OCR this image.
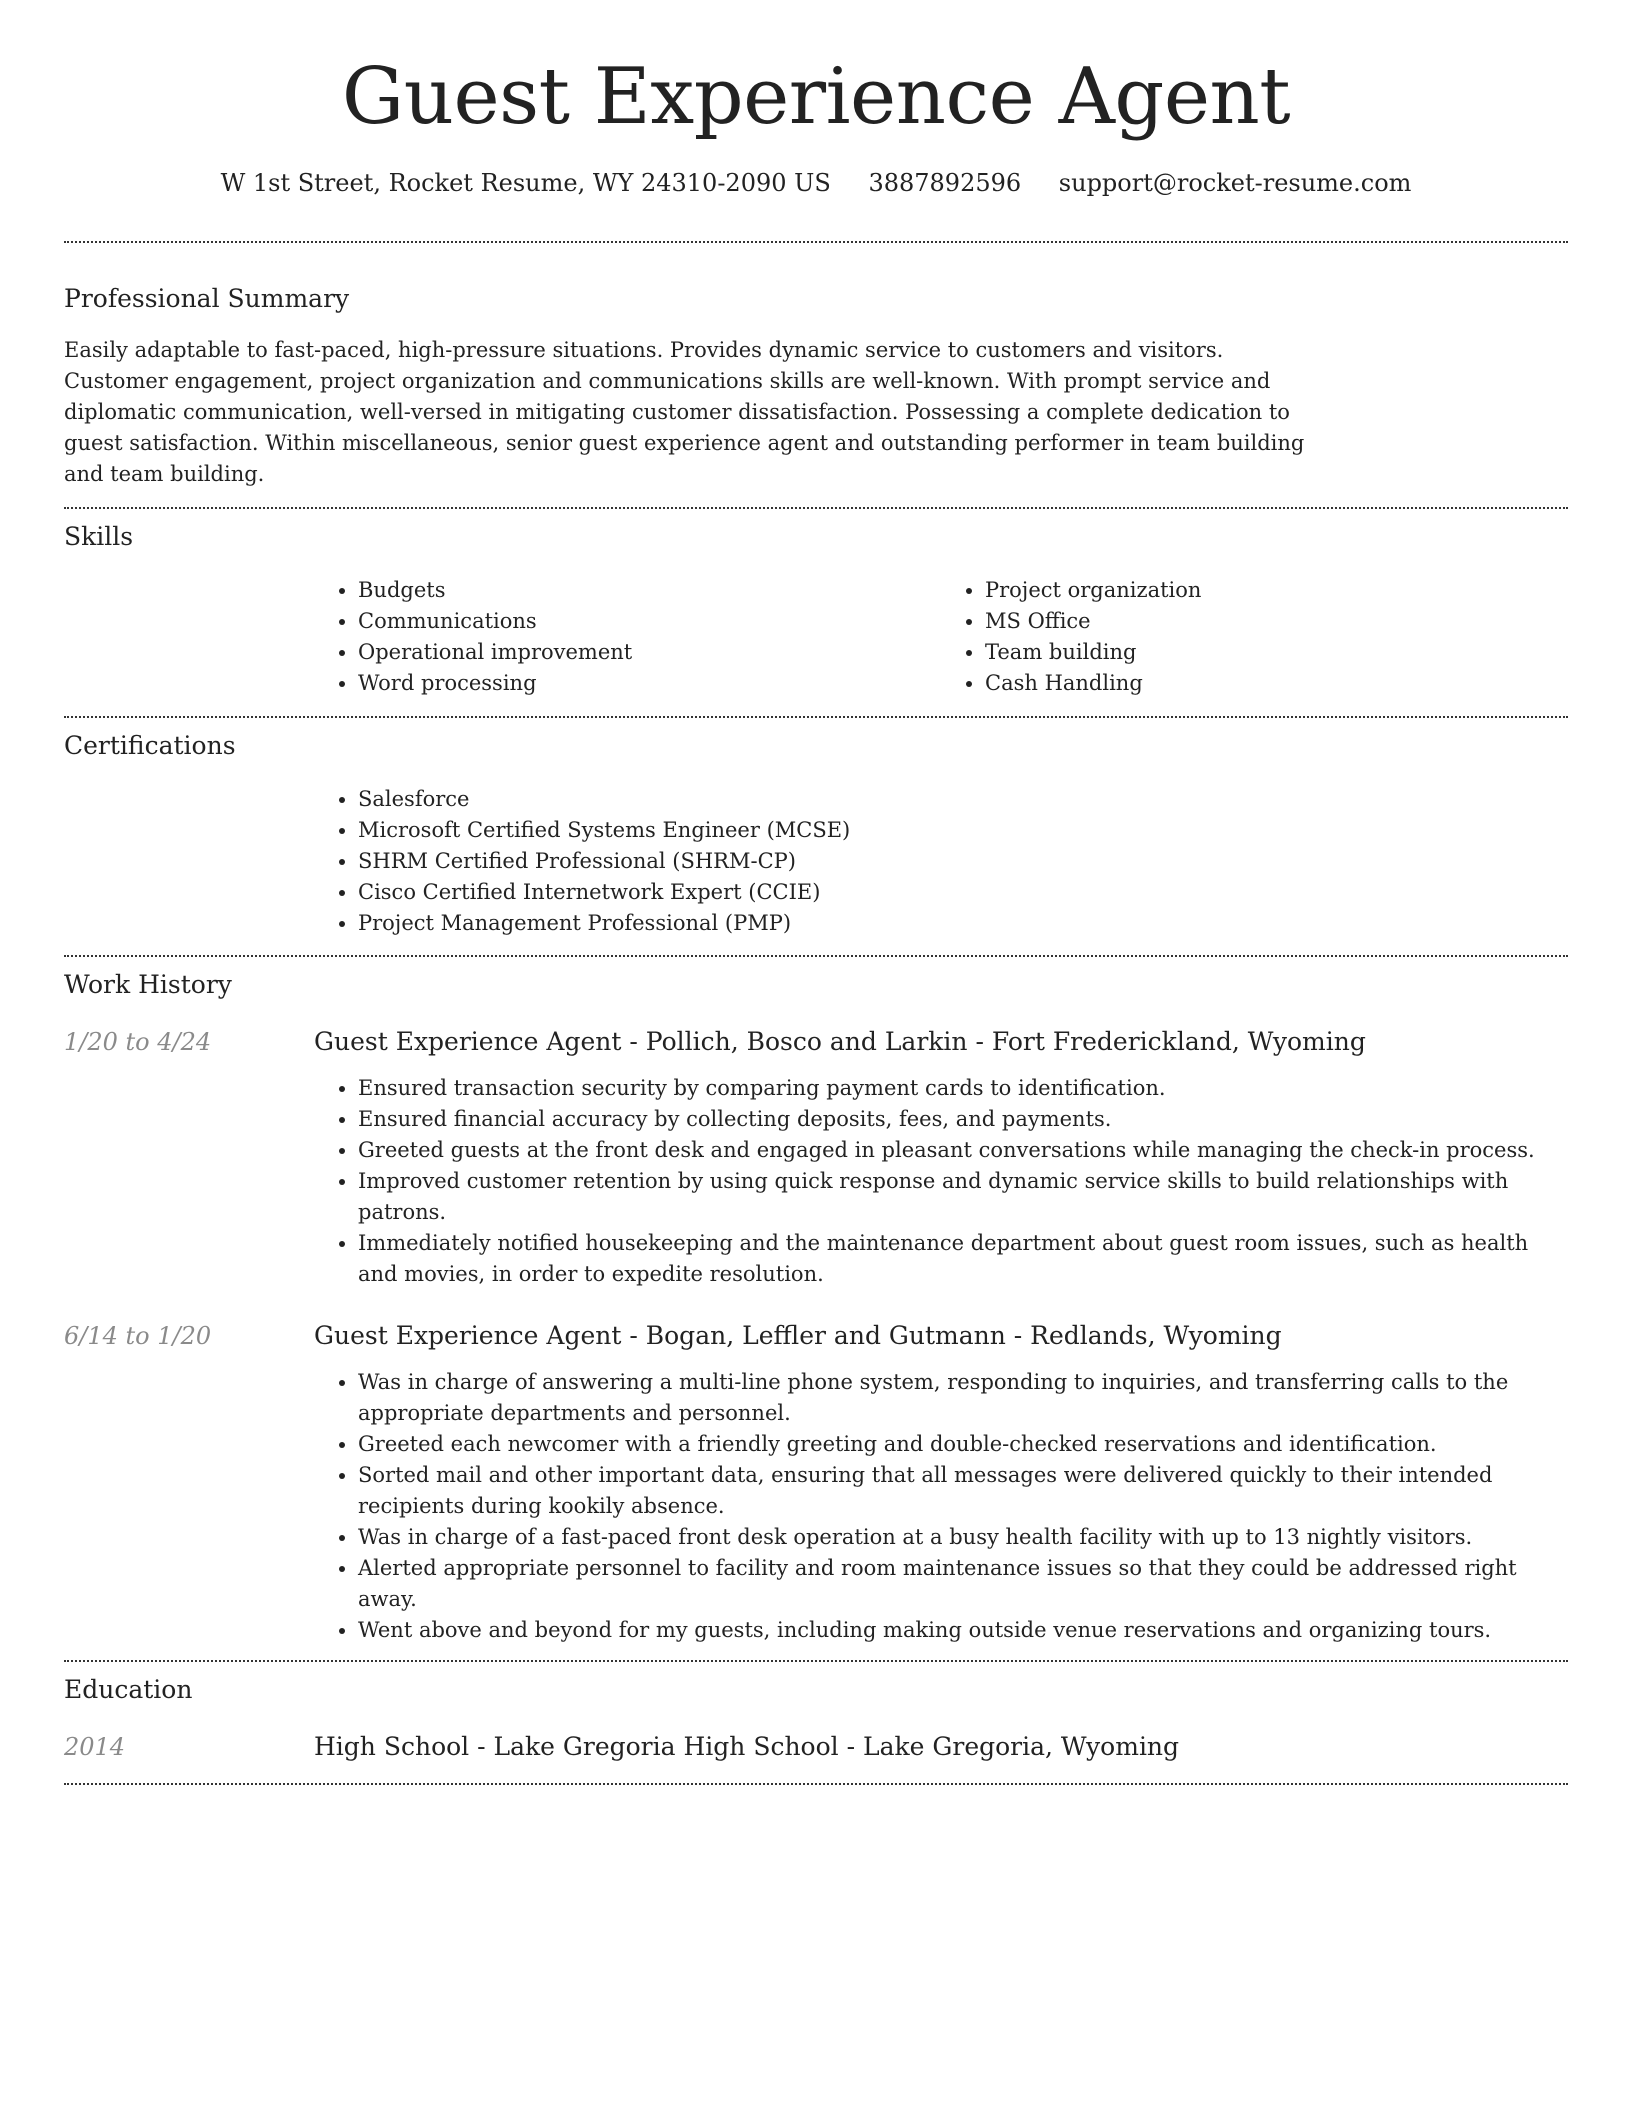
Guest Experience Agent
W 1st Street, Rocket Resume, WY 24310-2090 US 3887892596 support@rocket-resume.com
Professional Summary

Easily adaptable to fast-paced, high-pressure situations. Provides dynamic service to customers and visitors. Customer engagement, project organization and communications skills are well-known. With prompt service and diplomatic communication, well-versed in mitigating customer dissatisfaction. Possessing a complete dedication to guest satisfaction. Within miscellaneous, senior guest experience agent and outstanding performer in team building and team building.

Skills
• Budgets
• Communications
• Operational improvement
• Word processing
• Project organization
• MS Office
• Team building
• Cash Handling
Certifications
• Salesforce
• Microsoft Certified Systems Engineer (MCSE)
• SHRM Certified Professional (SHRM-CP)
• Cisco Certified Internetwork Expert (CCIE)
• Project Management Professional (PMP)
Work History
1/20 to 4/24	Guest Experience Agent - Pollich, Bosco and Larkin - Fort Frederickland, Wyoming
• Ensured transaction security by comparing payment cards to identification.
• Ensured financial accuracy by collecting deposits, fees, and payments.
• Greeted guests at the front desk and engaged in pleasant conversations while managing the check-in process.
• Improved customer retention by using quick response and dynamic service skills to build relationships with patrons.
• Immediately notified housekeeping and the maintenance department about guest room issues, such as health and movies, in order to expedite resolution.
6/14 to 1/20	Guest Experience Agent - Bogan, Leffler and Gutmann - Redlands, Wyoming
• Was in charge of answering a multi-line phone system, responding to inquiries, and transferring calls to the appropriate departments and personnel.
• Greeted each newcomer with a friendly greeting and double-checked reservations and identification.
• Sorted mail and other important data, ensuring that all messages were delivered quickly to their intended recipients during kookily absence.
• Was in charge of a fast-paced front desk operation at a busy health facility with up to 13 nightly visitors.
• Alerted appropriate personnel to facility and room maintenance issues so that they could be addressed right away.
• Went above and beyond for my guests, including making outside venue reservations and organizing tours.
Education
2014	High School - Lake Gregoria High School - Lake Gregoria, Wyoming
